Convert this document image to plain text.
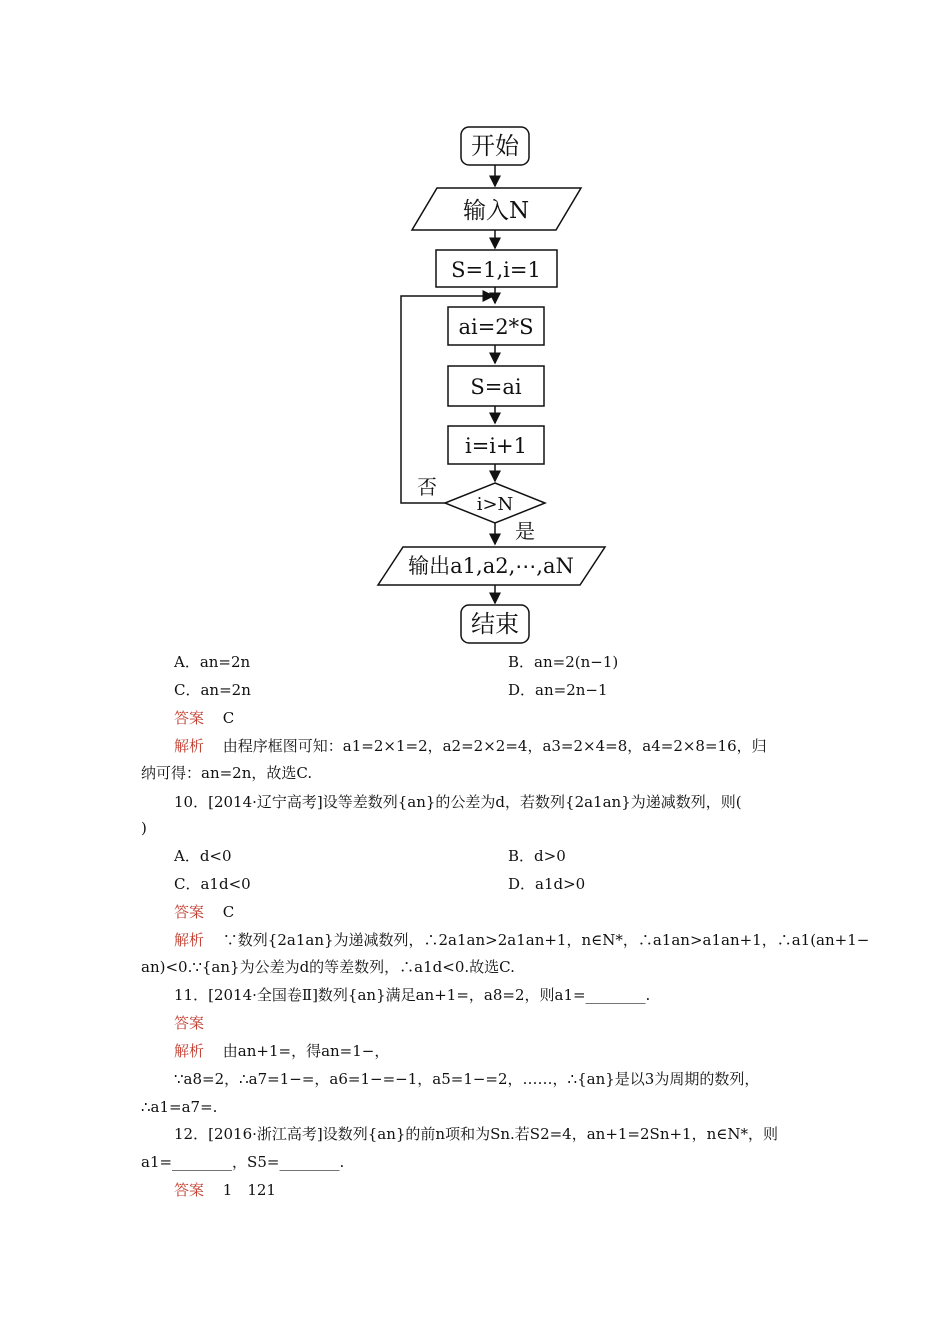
开始
输入N
S=1,i=1
ai=2*S
S=ai
i=i+1
i>N
否
是
输出a1,a2,⋯,aN
结束
A．an=2n	B．an=2(n−1)
C．an=2n	D．an=2n−1
答案 C
解析 由程序框图可知：a1=2×1=2，a2=2×2=4，a3=2×4=8，a4=2×8=16，归
纳可得：an=2n，故选C.
10．[2014·辽宁高考]设等差数列{an}的公差为d，若数列{2a1an}为递减数列，则(
)
A．d<0	B．d>0
C．a1d<0	D．a1d>0
答案 C
解析 ∵数列{2a1an}为递减数列，∴2a1an>2a1an+1，n∈N*，∴a1an>a1an+1，∴a1(an+1−
an)<0.∵{an}为公差为d的等差数列，∴a1d<0.故选C.
11．[2014·全国卷Ⅱ]数列{an}满足an+1=，a8=2，则a1=________.
答案
解析 由an+1=，得an=1−，
∵a8=2，∴a7=1−=，a6=1−=−1，a5=1−=2，……，∴{an}是以3为周期的数列，
∴a1=a7=.
12．[2016·浙江高考]设数列{an}的前n项和为Sn.若S2=4，an+1=2Sn+1，n∈N*，则
a1=________，S5=________.
答案 1　121
